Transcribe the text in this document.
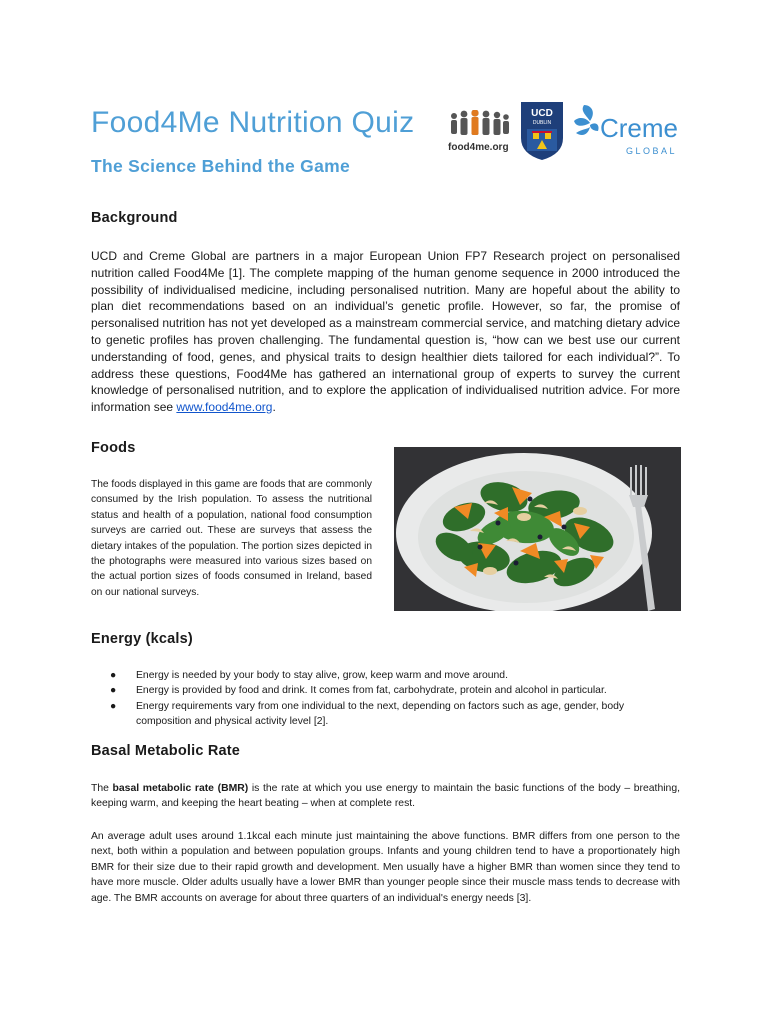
Food4Me Nutrition Quiz
The Science Behind the Game
food4me.org
UCD
DUBLIN Creme
GLOBAL
Background

UCD and Creme Global are partners in a major European Union FP7 Research project on personalised nutrition called Food4Me [1]. The complete mapping of the human genome sequence in 2000 introduced the possibility of individualised medicine, including personalised nutrition. Many are hopeful about the ability to plan diet recommendations based on an individual’s genetic profile. However, so far, the promise of personalised nutrition has not yet developed as a mainstream commercial service, and matching dietary advice to genetic profiles has proven challenging. The fundamental question is, “how can we best use our current understanding of food, genes, and physical traits to design healthier diets tailored for each individual?”. To address these questions, Food4Me has gathered an international group of experts to survey the current knowledge of personalised nutrition, and to explore the application of individualised nutrition advice. For more information see www.food4me.org.

Foods

The foods displayed in this game are foods that are commonly consumed by the Irish population. To assess the nutritional status and health of a population, national food consumption surveys are carried out. These are surveys that assess the dietary intakes of the population. The portion sizes depicted in the photographs were measured into various sizes based on the actual portion sizes of foods consumed in Ireland, based on our national surveys.

Energy (kcals)
● Energy is needed by your body to stay alive, grow, keep warm and move around.
● Energy is provided by food and drink. It comes from fat, carbohydrate, protein and alcohol in particular.
● Energy requirements vary from one individual to the next, depending on factors such as age, gender, body composition and physical activity level [2].
Basal Metabolic Rate

The basal metabolic rate (BMR) is the rate at which you use energy to maintain the basic functions of the body – breathing, keeping warm, and keeping the heart beating – when at complete rest.

An average adult uses around 1.1kcal each minute just maintaining the above functions. BMR differs from one person to the next, both within a population and between population groups. Infants and young children tend to have a proportionately high BMR for their size due to their rapid growth and development. Men usually have a higher BMR than women since they tend to have more muscle. Older adults usually have a lower BMR than younger people since their muscle mass tends to decrease with age. The BMR accounts on average for about three quarters of an individual's energy needs [3].
